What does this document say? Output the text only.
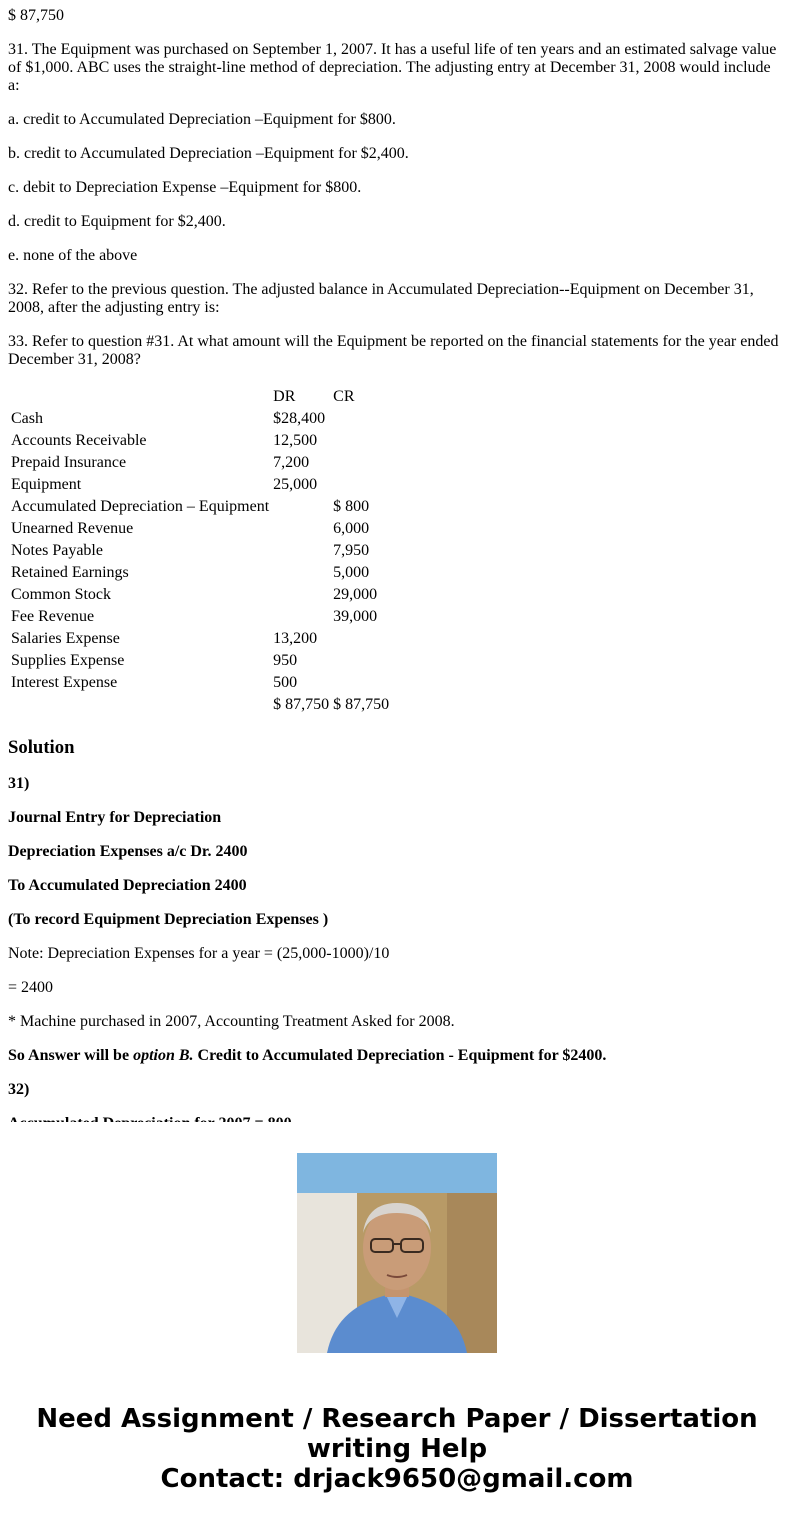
$ 87,750

31. The Equipment was purchased on September 1, 2007. It has a useful life of ten years and an estimated salvage value of $1,000. ABC uses the straight-line method of depreciation. The adjusting entry at December 31, 2008 would include a:

a. credit to Accumulated Depreciation –Equipment for $800.

b. credit to Accumulated Depreciation –Equipment for $2,400.

c. debit to Depreciation Expense –Equipment for $800.

d. credit to Equipment for $2,400.

e. none of the above

32. Refer to the previous question. The adjusted balance in Accumulated Depreciation--Equipment on December 31, 2008, after the adjusting entry is:

33. Refer to question #31. At what amount will the Equipment be reported on the financial statements for the year ended December 31, 2008?

	DR	CR
Cash	$28,400	
Accounts Receivable	12,500	
Prepaid Insurance	7,200	
Equipment	25,000	
Accumulated Depreciation – Equipment		$ 800
Unearned Revenue		6,000
Notes Payable		7,950
Retained Earnings		5,000
Common Stock		29,000
Fee Revenue		39,000
Salaries Expense	13,200	
Supplies Expense	950	
Interest Expense	500	
	$ 87,750	$ 87,750
Solution

31)

Journal Entry for Depreciation

Depreciation Expenses a/c Dr. 2400

To Accumulated Depreciation 2400

(To record Equipment Depreciation Expenses )

Note: Depreciation Expenses for a year = (25,000-1000)/10

= 2400

* Machine purchased in 2007, Accounting Treatment Asked for 2008.

So Answer will be option B. Credit to Accumulated Depreciation - Equipment for $2400.

32)

Need Assignment / Research Paper / Dissertation
writing Help
Contact: drjack9650@gmail.com
